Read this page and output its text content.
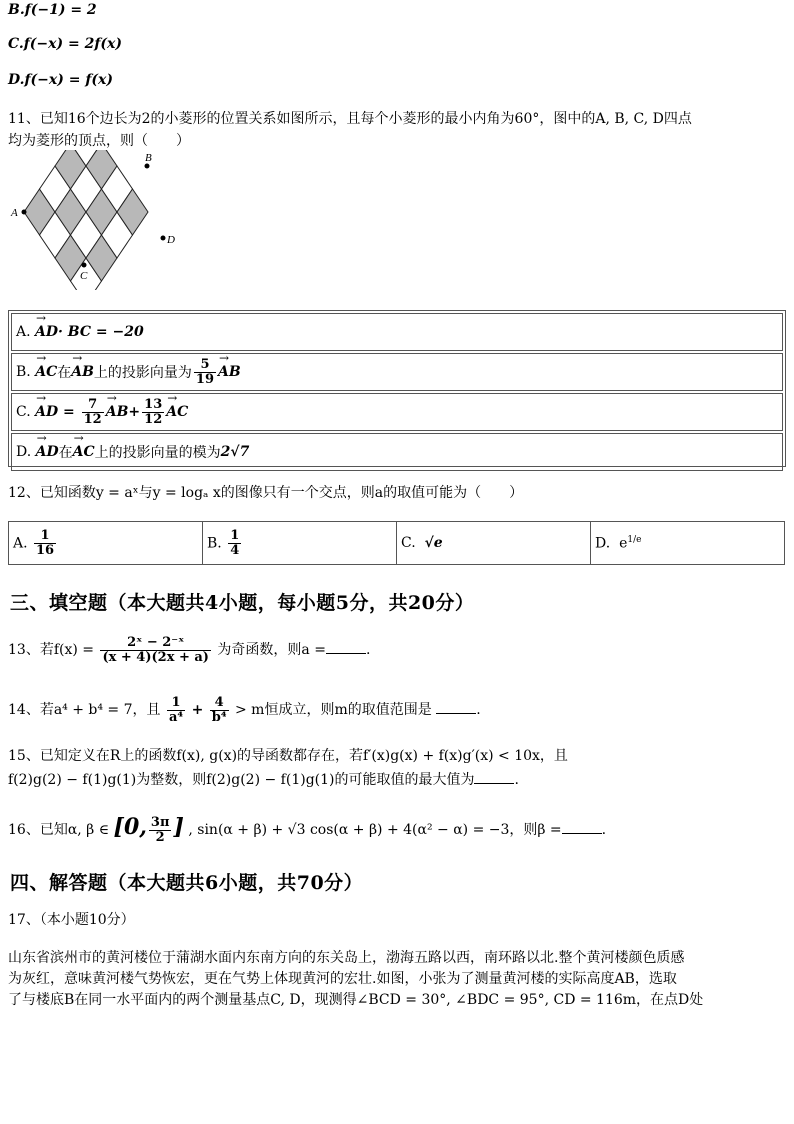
B.f(−1) = 2
C.f(−x) = 2f(x)
D.f(−x) = f(x)
11、已知16个边长为2的小菱形的位置关系如图所示，且每个小菱形的最小内角为60°，图中的A, B, C, D四点
均为菱形的顶点，则（　　）
A
B
C
D
A.
→ AD · BC = −20
B.
→ AC 在 → AB 上的投影向量为 $\frac{5}{19}$ → AB
C.
→ AD = $\frac{7}{12}$ → AB + $\frac{13}{12}$ → AC
D.
→ AD 在 → AC 上的投影向量的模为 2√7
12、已知函数y = aˣ与y = logₐ x的图像只有一个交点，则a的取值可能为（　　）
A. $\frac{1}{16}$	B. $\frac{1}{4}$	C. √e	D. $e^{1/e}$
三、填空题（本大题共4小题，每小题5分，共20分）
13、若$f(x) = \frac{\text{2ˣ − 2⁻ˣ}}{(x + 4)(2x + a)}$ 为奇函数，则a =	.
14、若a⁴ + b⁴ = 7，且 $\frac{1}{\text{a⁴}} + \frac{4}{\text{b⁴}} > m$恒成立，则m的取值范围是	.
15、已知定义在R上的函数f(x), g(x)的导函数都存在，若f′(x)g(x) + f(x)g′(x) < 10x，且
f(2)g(2) − f(1)g(1)为整数，则f(2)g(2) − f(1)g(1)的可能取值的最大值为	.
16、已知α, β ∈ [0, $\frac{3\pi}{2}$ ] , sin(α + β) + √3 cos(α + β) + 4(α² − α) = −3，则β =	.
四、解答题（本大题共6小题，共70分）
17、（本小题10分）
山东省滨州市的黄河楼位于蒲湖水面内东南方向的东关岛上，渤海五路以西，南环路以北.整个黄河楼颜色质感
为灰红，意味黄河楼气势恢宏，更在气势上体现黄河的宏壮.如图，小张为了测量黄河楼的实际高度AB，选取
了与楼底B在同一水平面内的两个测量基点C, D，现测得∠BCD = 30°, ∠BDC = 95°, CD = 116m，在点D处
